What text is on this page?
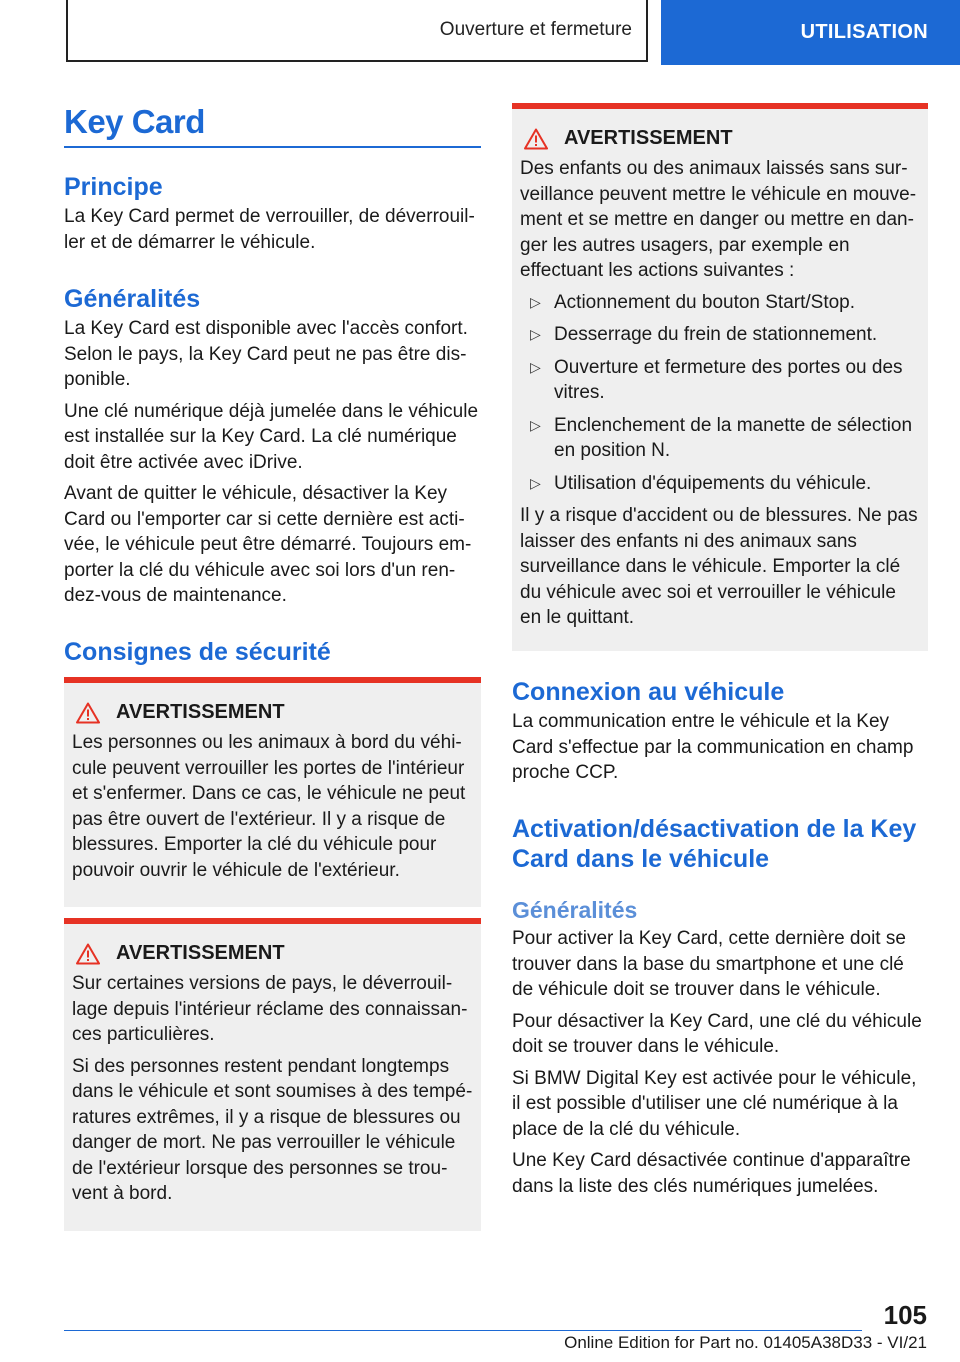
Ouverture et fermeture	UTILISATION
Key Card
Principe

La Key Card permet de verrouiller, de déverrouiller et de démarrer le véhicule.

Généralités

La Key Card est disponible avec l'accès confort. Selon le pays, la Key Card peut ne pas être disponible.

Une clé numérique déjà jumelée dans le véhicule est installée sur la Key Card. La clé numérique doit être activée avec iDrive.

Avant de quitter le véhicule, désactiver la Key Card ou l'emporter car si cette dernière est activée, le véhicule peut être démarré. Toujours emporter la clé du véhicule avec soi lors d'un rendez-vous de maintenance.

Consignes de sécurité
AVERTISSEMENT

Les personnes ou les animaux à bord du véhicule peuvent verrouiller les portes de l'intérieur et s'enfermer. Dans ce cas, le véhicule ne peut pas être ouvert de l'extérieur. Il y a risque de blessures. Emporter la clé du véhicule pour pouvoir ouvrir le véhicule de l'extérieur.

AVERTISSEMENT

Sur certaines versions de pays, le déverrouillage depuis l'intérieur réclame des connaissances particulières.

Si des personnes restent pendant longtemps dans le véhicule et sont soumises à des températures extrêmes, il y a risque de blessures ou danger de mort. Ne pas verrouiller le véhicule de l'extérieur lorsque des personnes se trouvent à bord.

AVERTISSEMENT

Des enfants ou des animaux laissés sans surveillance peuvent mettre le véhicule en mouvement et se mettre en danger ou mettre en danger les autres usagers, par exemple en effectuant les actions suivantes :

▷ Actionnement du bouton Start/Stop.
▷ Desserrage du frein de stationnement.
▷ Ouverture et fermeture des portes ou des vitres.
▷ Enclenchement de la manette de sélection en position N.
▷ Utilisation d'équipements du véhicule.

Il y a risque d'accident ou de blessures. Ne pas laisser des enfants ni des animaux sans surveillance dans le véhicule. Emporter la clé du véhicule avec soi et verrouiller le véhicule en le quittant.

Connexion au véhicule

La communication entre le véhicule et la Key Card s'effectue par la communication en champ proche CCP.

Activation/désactivation de la Key Card dans le véhicule
Généralités

Pour activer la Key Card, cette dernière doit se trouver dans la base du smartphone et une clé de véhicule doit se trouver dans le véhicule.

Pour désactiver la Key Card, une clé du véhicule doit se trouver dans le véhicule.

Si BMW Digital Key est activée pour le véhicule, il est possible d'utiliser une clé numérique à la place de la clé du véhicule.

Une Key Card désactivée continue d'apparaître dans la liste des clés numériques jumelées.

105
Online Edition for Part no. 01405A38D33 - VI/21
